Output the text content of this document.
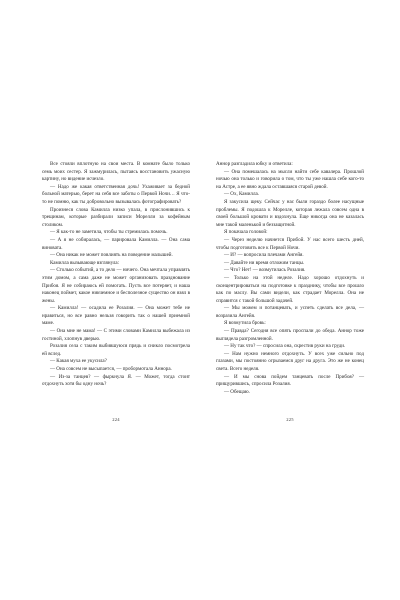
Все стояли вплотную на свои места. В комнате было только семь моих сестер. Я зажмурилась, пытаясь восстановить ужасную картину, но видение исчезло.

— Надо же какая ответственная дочь! Ухаживает за бедной больной матерью, берет на себя все заботы о Первой Ночи… Я что-то не помню, как ты добровольно вызывалась фотографировать?

Произнеся слова Камилла низко упала, в прислонившись к трещинам, которые разбирали записи Морелли за кофейным столиком.

— Я как-то не заметила, чтобы ты стремилась помочь.

— А я не собиралась, — парировала Камилла. — Она сама виновата.

— Она никак не может повлиять на поведение малышей.

Камилла вызывающе взглянула:

— Столько событий, а то дело — ничего. Она мечтала управлять этим домом, а сама даже не может организовать празднование Прибоя. Я не собираюсь ей помогать. Пусть все потеряет, и наша наконец поймет, какое никчемное и бесполезное существо он взял в жены.

— Камилла! — осадила ее Розалия. — Она может тебе не нравиться, но все равно нельзя говорить так о нашей приемной маме.

— Она мне не мама! — С этими словами Камилла выбежала из гостиной, хлопнув дверью.

Розалия села с таким выбившуюся прядь и сникло посмотрела ей вслед.

— Какая муха ее укусила?

— Она совсем не высыпается, — пробормотала Аннора.

— Из-за танцев? — фыркнула Я. — Может, тогда стоит отдохнуть хотя бы одну ночь?

224

Аннор разгладила юбку и ответила:

— Она помешалась на мысли найти себе кавалера. Прошлой ночью она только и говорила о том, что ты уже нашла себе кого-то на Астре, а ее явно ждала оставшаяся старой девой.

— Ох, Камилла.

Я закусила щеку. Сейчас у нас были гораздо более насущные проблемы. Я подошла к Морелле, которая лежала совсем одна в своей большой кровати и вздохнула. Еще никогда она не казалась мне такой маленькой и беззащитной.

Я покачала головой:

— Через неделю начнется Прибой. У нас всего шесть дней, чтобы подготовить все к Первой Ночи.

— И? — вопросила плечами Ангейя.

— Давайте ни время отложим танцы.

— Что? Нет! — возмутилась Розалия.

— Только на этой неделе. Надо хорошо отдохнуть и сконцентрироваться на подготовке к празднику, чтобы все прошло как по маслу. Вы сами видели, как страдает Морелла. Она не справится с такой большой задачей.

— Мы можем и потанцевать, и успеть сделать все дела, — возразила Ангейя.

Я возмутила бровь:

— Правда? Сегодня все опять проспали до обеда. Аннор тоже выглядела разгромленной.

— Ну так что? — спросила она, скрестив руки на груди.

— Нам нужно немного отдохнуть. У всех уже сильно под глазами, мы постоянно огрызаемся друг на друга. Это же не конец света. Всего неделя.

— И мы снова пойдем танцевать после Прибоя? — прищурившись, спросила Розалия.

— Обещаю.

225
